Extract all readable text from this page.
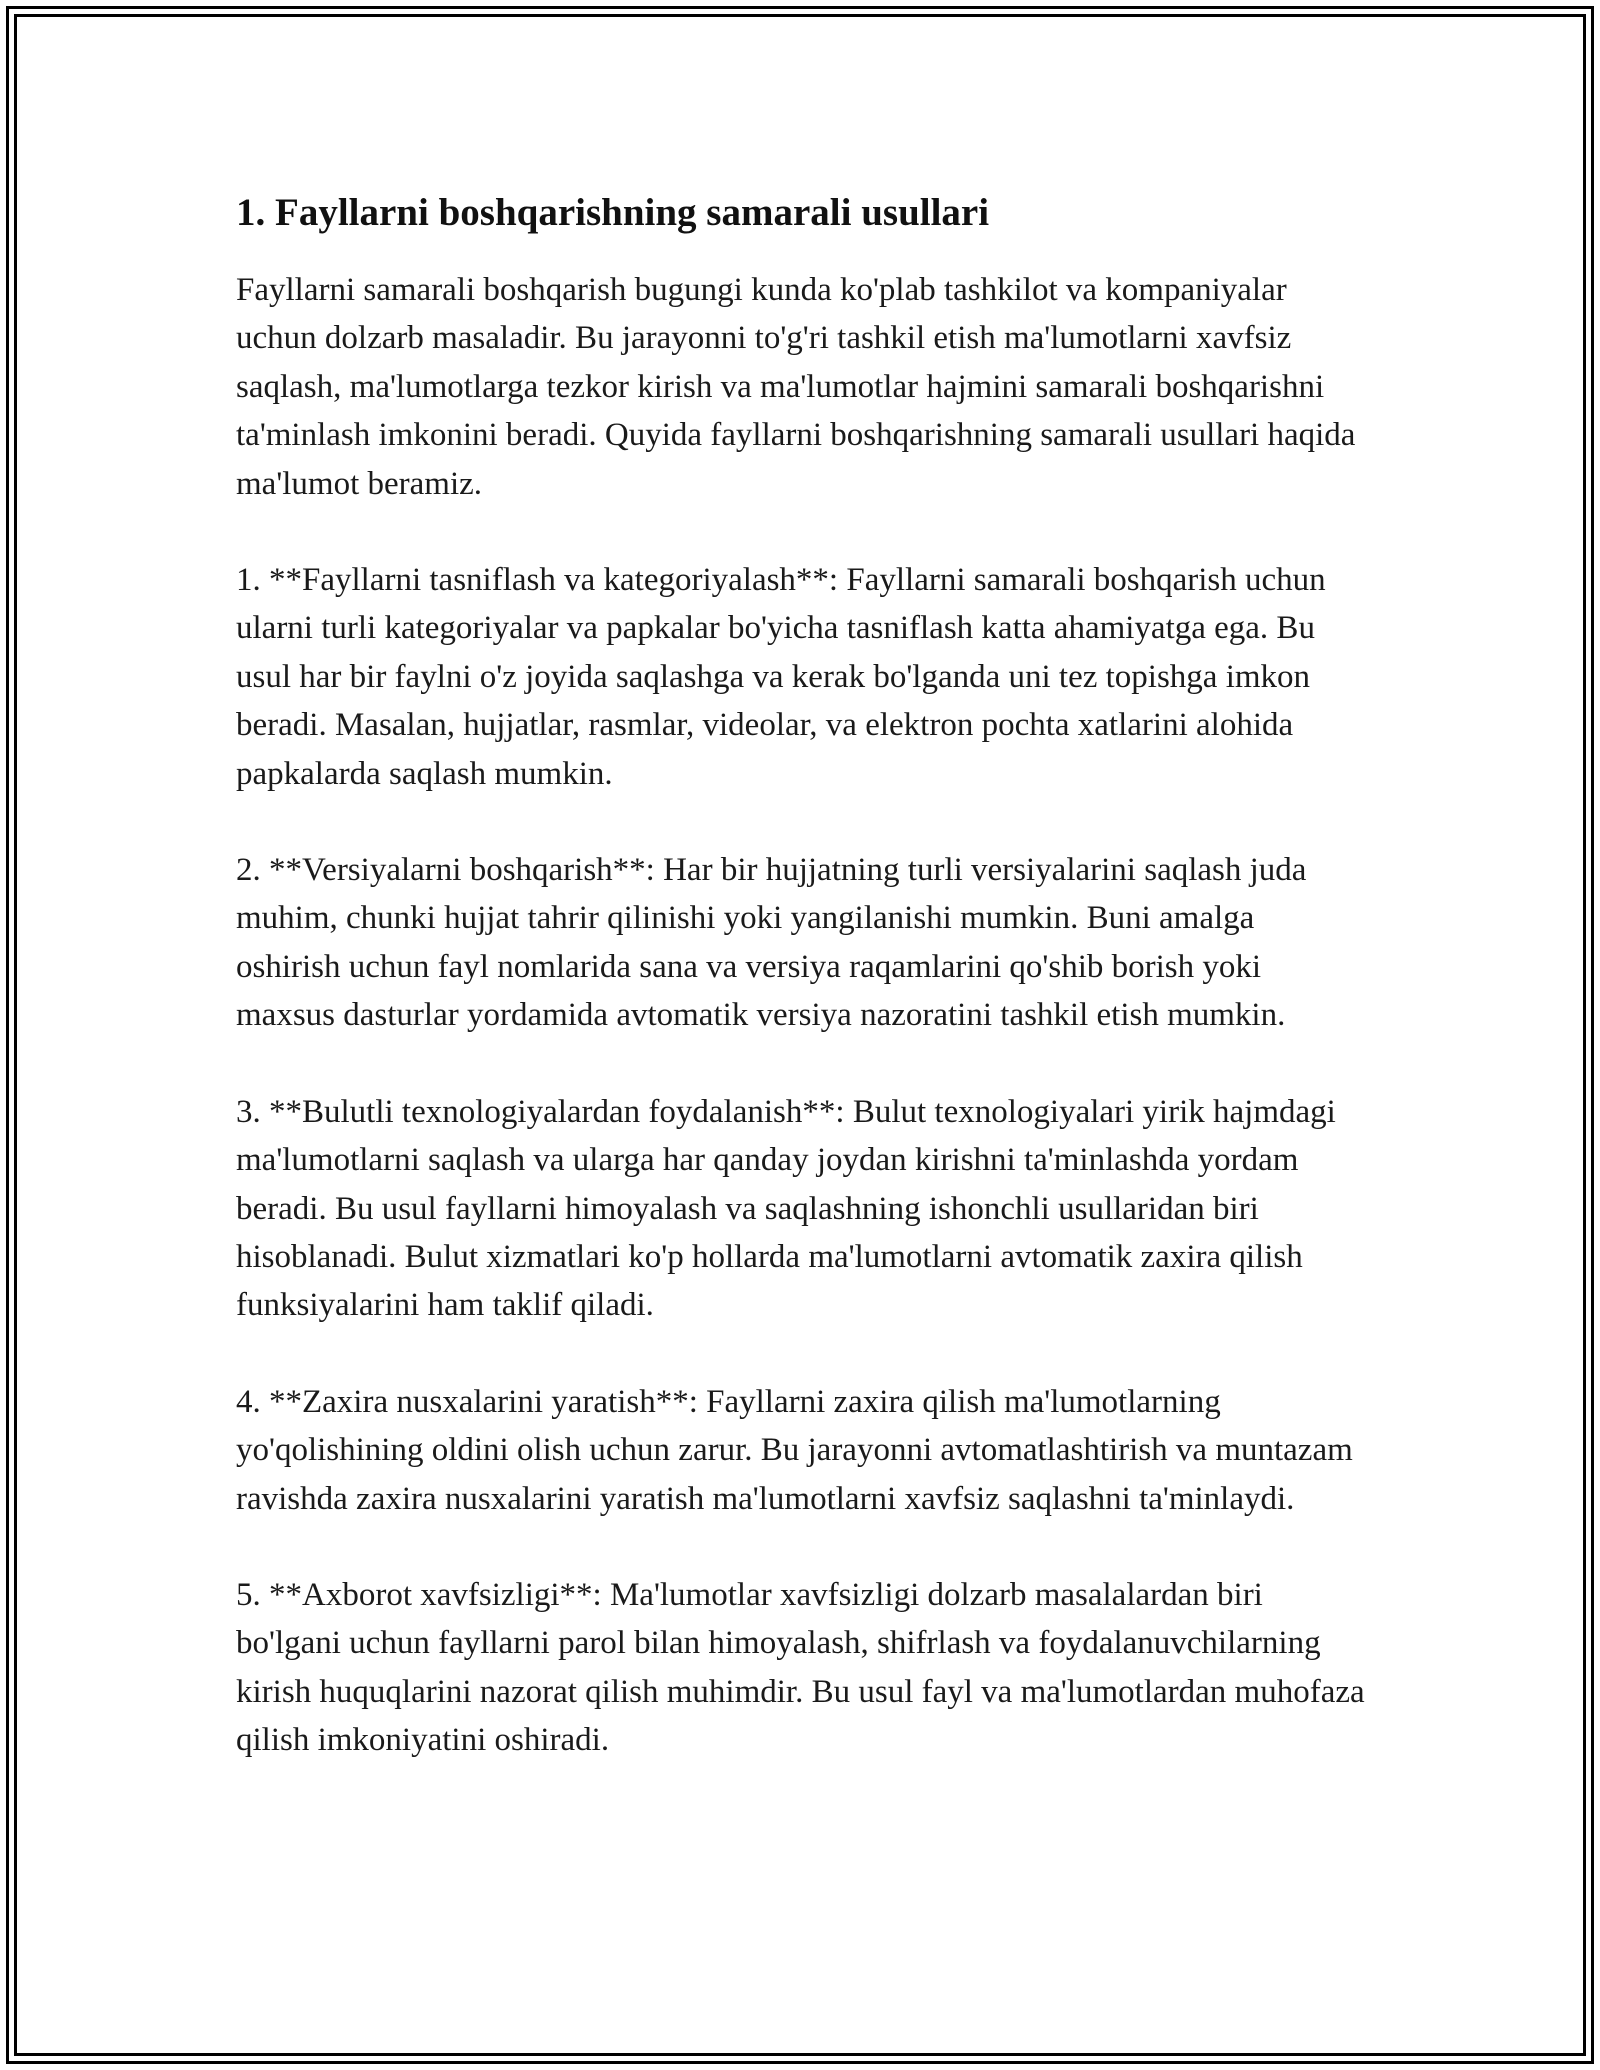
1. Fayllarni boshqarishning samarali usullari

Fayllarni samarali boshqarish bugungi kunda ko'plab tashkilot va kompaniyalar uchun dolzarb masaladir. Bu jarayonni to'g'ri tashkil etish ma'lumotlarni xavfsiz saqlash, ma'lumotlarga tezkor kirish va ma'lumotlar hajmini samarali boshqarishni ta'minlash imkonini beradi. Quyida fayllarni boshqarishning samarali usullari haqida ma'lumot beramiz.

1. **Fayllarni tasniflash va kategoriyalash**: Fayllarni samarali boshqarish uchun ularni turli kategoriyalar va papkalar bo'yicha tasniflash katta ahamiyatga ega. Bu usul har bir faylni o'z joyida saqlashga va kerak bo'lganda uni tez topishga imkon beradi. Masalan, hujjatlar, rasmlar, videolar, va elektron pochta xatlarini alohida papkalarda saqlash mumkin.

2. **Versiyalarni boshqarish**: Har bir hujjatning turli versiyalarini saqlash juda muhim, chunki hujjat tahrir qilinishi yoki yangilanishi mumkin. Buni amalga oshirish uchun fayl nomlarida sana va versiya raqamlarini qo'shib borish yoki maxsus dasturlar yordamida avtomatik versiya nazoratini tashkil etish mumkin.

3. **Bulutli texnologiyalardan foydalanish**: Bulut texnologiyalari yirik hajmdagi ma'lumotlarni saqlash va ularga har qanday joydan kirishni ta'minlashda yordam beradi. Bu usul fayllarni himoyalash va saqlashning ishonchli usullaridan biri hisoblanadi. Bulut xizmatlari ko'p hollarda ma'lumotlarni avtomatik zaxira qilish funksiyalarini ham taklif qiladi.

4. **Zaxira nusxalarini yaratish**: Fayllarni zaxira qilish ma'lumotlarning yo'qolishining oldini olish uchun zarur. Bu jarayonni avtomatlashtirish va muntazam ravishda zaxira nusxalarini yaratish ma'lumotlarni xavfsiz saqlashni ta'minlaydi.

5. **Axborot xavfsizligi**: Ma'lumotlar xavfsizligi dolzarb masalalardan biri bo'lgani uchun fayllarni parol bilan himoyalash, shifrlash va foydalanuvchilarning kirish huquqlarini nazorat qilish muhimdir. Bu usul fayl va ma'lumotlardan muhofaza qilish imkoniyatini oshiradi.
